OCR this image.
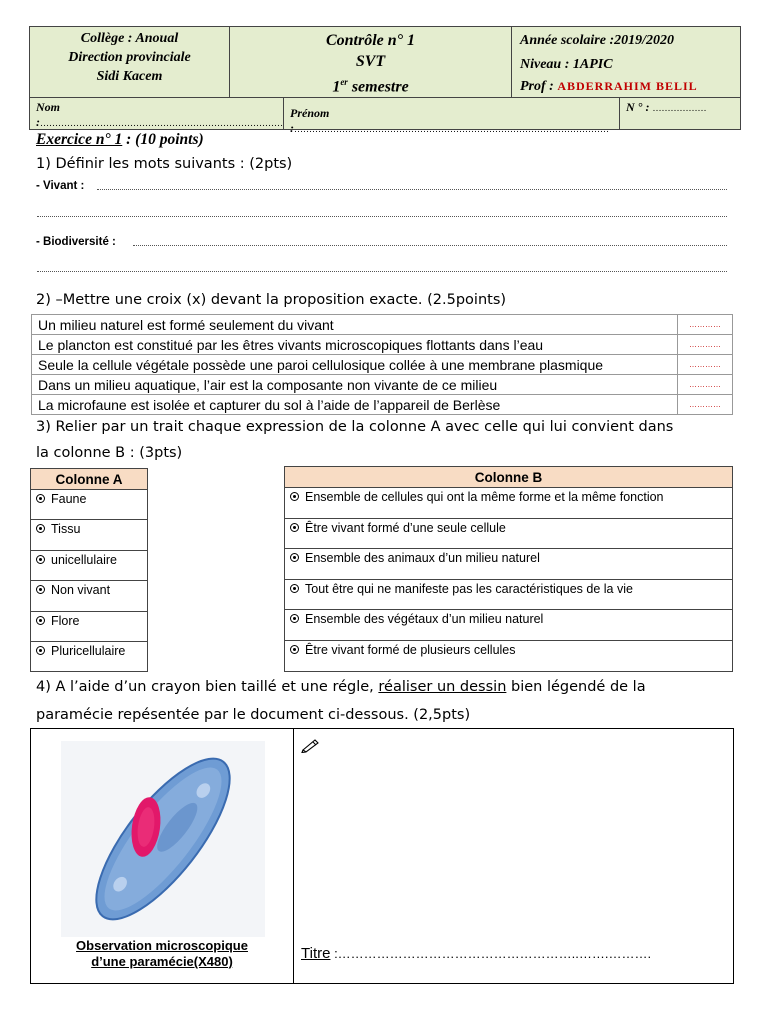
Collège : Anoual
Direction provinciale
Sidi Kacem
Contrôle n° 1
SVT
1er semestre
Année scolaire :2019/2020
Niveau : 1APIC
Prof : ABDERRAHIM BELIL
Nom :………………………………………………………………………
Prénom :……………………………………………………………………………………………
N ° : ………………
Exercice n° 1 : (10 points)
1) Définir les mots suivants : (2pts)
- Vivant :
- Biodiversité :
2) –Mettre une croix (x) devant la proposition exacte. (2.5points)
Un milieu naturel est formé seulement du vivant	…………
Le plancton est constitué par les êtres vivants microscopiques flottants dans l’eau	…………
Seule la cellule végétale possède une paroi cellulosique collée à une membrane plasmique	…………
Dans un milieu aquatique, l’air est la composante non vivante de ce milieu	…………
La microfaune est isolée et capturer du sol à l’aide de l’appareil de Berlèse	…………
3) Relier par un trait chaque expression de la colonne A avec celle qui lui convient dans
la colonne B : (3pts)
Colonne A
Faune
Tissu
unicellulaire
Non vivant
Flore
Pluricellulaire
Colonne B
Ensemble de cellules qui ont la même forme et la même fonction
Être vivant formé d’une seule cellule
Ensemble des animaux d’un milieu naturel
Tout être qui ne manifeste pas les caractéristiques de la vie
Ensemble des végétaux d’un milieu naturel
Être vivant formé de plusieurs cellules
4) A l’aide d’un crayon bien taillé et une régle, réaliser un dessin bien légendé de la
paramécie repésentée par le document ci-dessous. (2,5pts)
Observation microscopique
d’une paramécie(X480)	Titre :………………………………………………..…….……….
